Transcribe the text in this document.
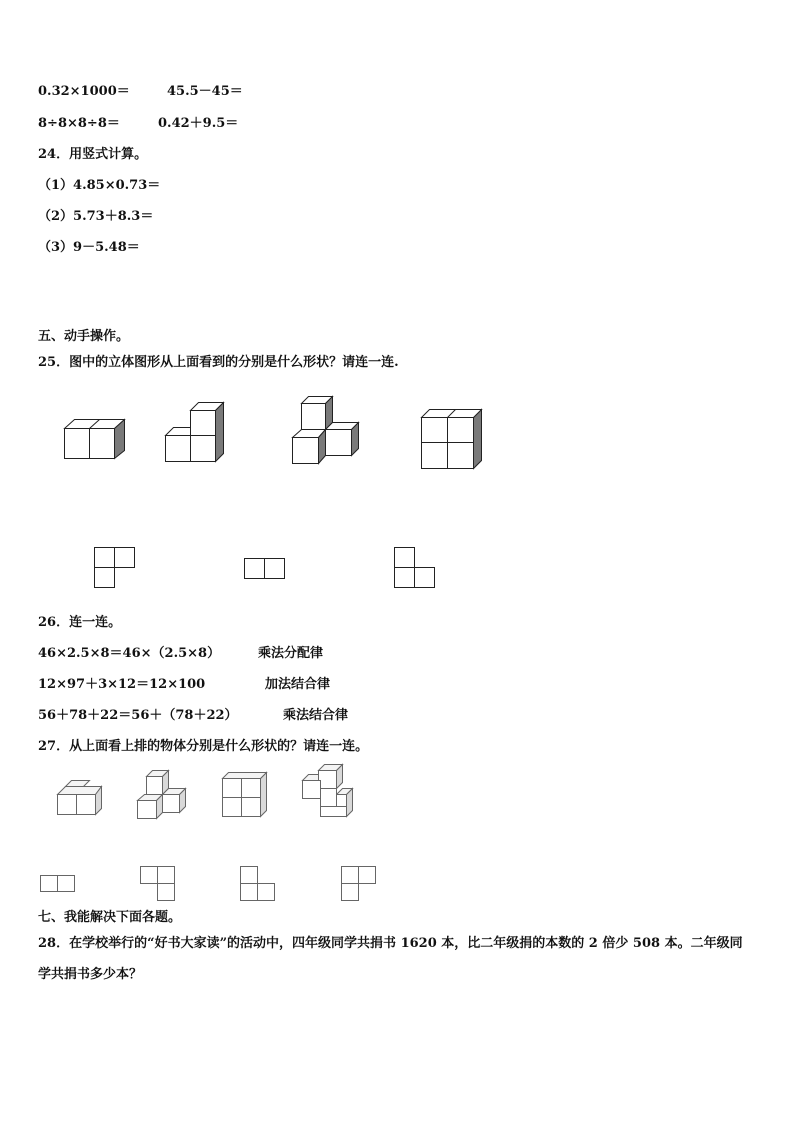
0.32×1000＝	45.5－45＝
8÷8×8÷8＝	0.42＋9.5＝
24．用竖式计算。
（1）4.85×0.73＝
（2）5.73＋8.3＝
（3）9－5.48＝
五、动手操作。
25．图中的立体图形从上面看到的分别是什么形状？请连一连.
26．连一连。
46×2.5×8＝46×（2.5×8）	乘法分配律
12×97＋3×12＝12×100	加法结合律
56＋78＋22＝56＋（78＋22）	乘法结合律
27．从上面看上排的物体分别是什么形状的？请连一连。
七、我能解决下面各题。
28．在学校举行的“好书大家读”的活动中，四年级同学共捐书 1620 本，比二年级捐的本数的 2 倍少 508 本。二年级同
学共捐书多少本？
